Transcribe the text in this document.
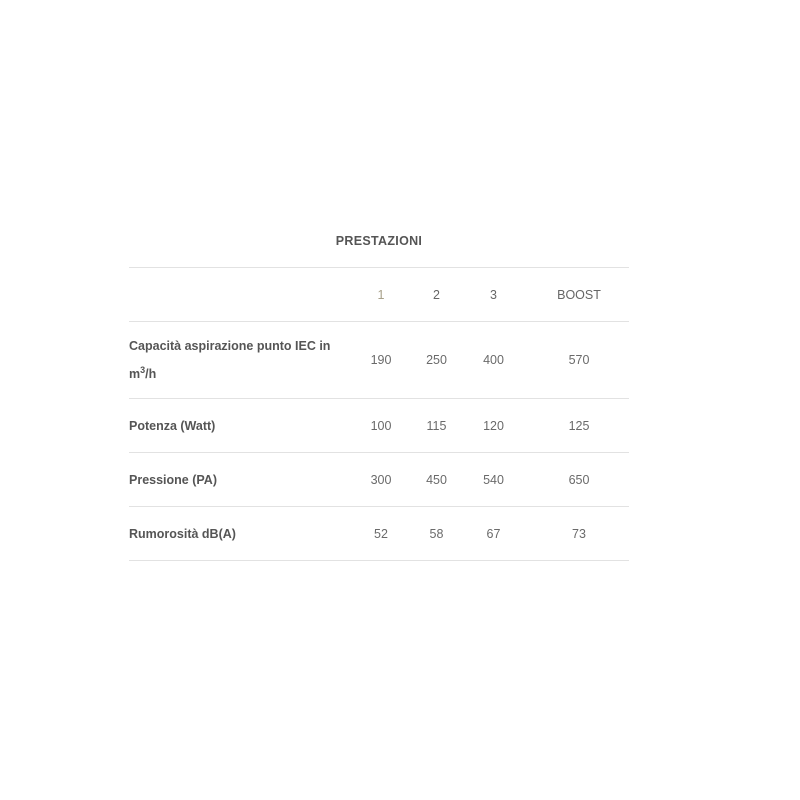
PRESTAZIONI
	1	2	3	BOOST
Capacità aspirazione punto IEC in $m^3/h$	190	250	400	570
Potenza (Watt)	100	115	120	125
Pressione (PA)	300	450	540	650
Rumorosità dB(A)	52	58	67	73
